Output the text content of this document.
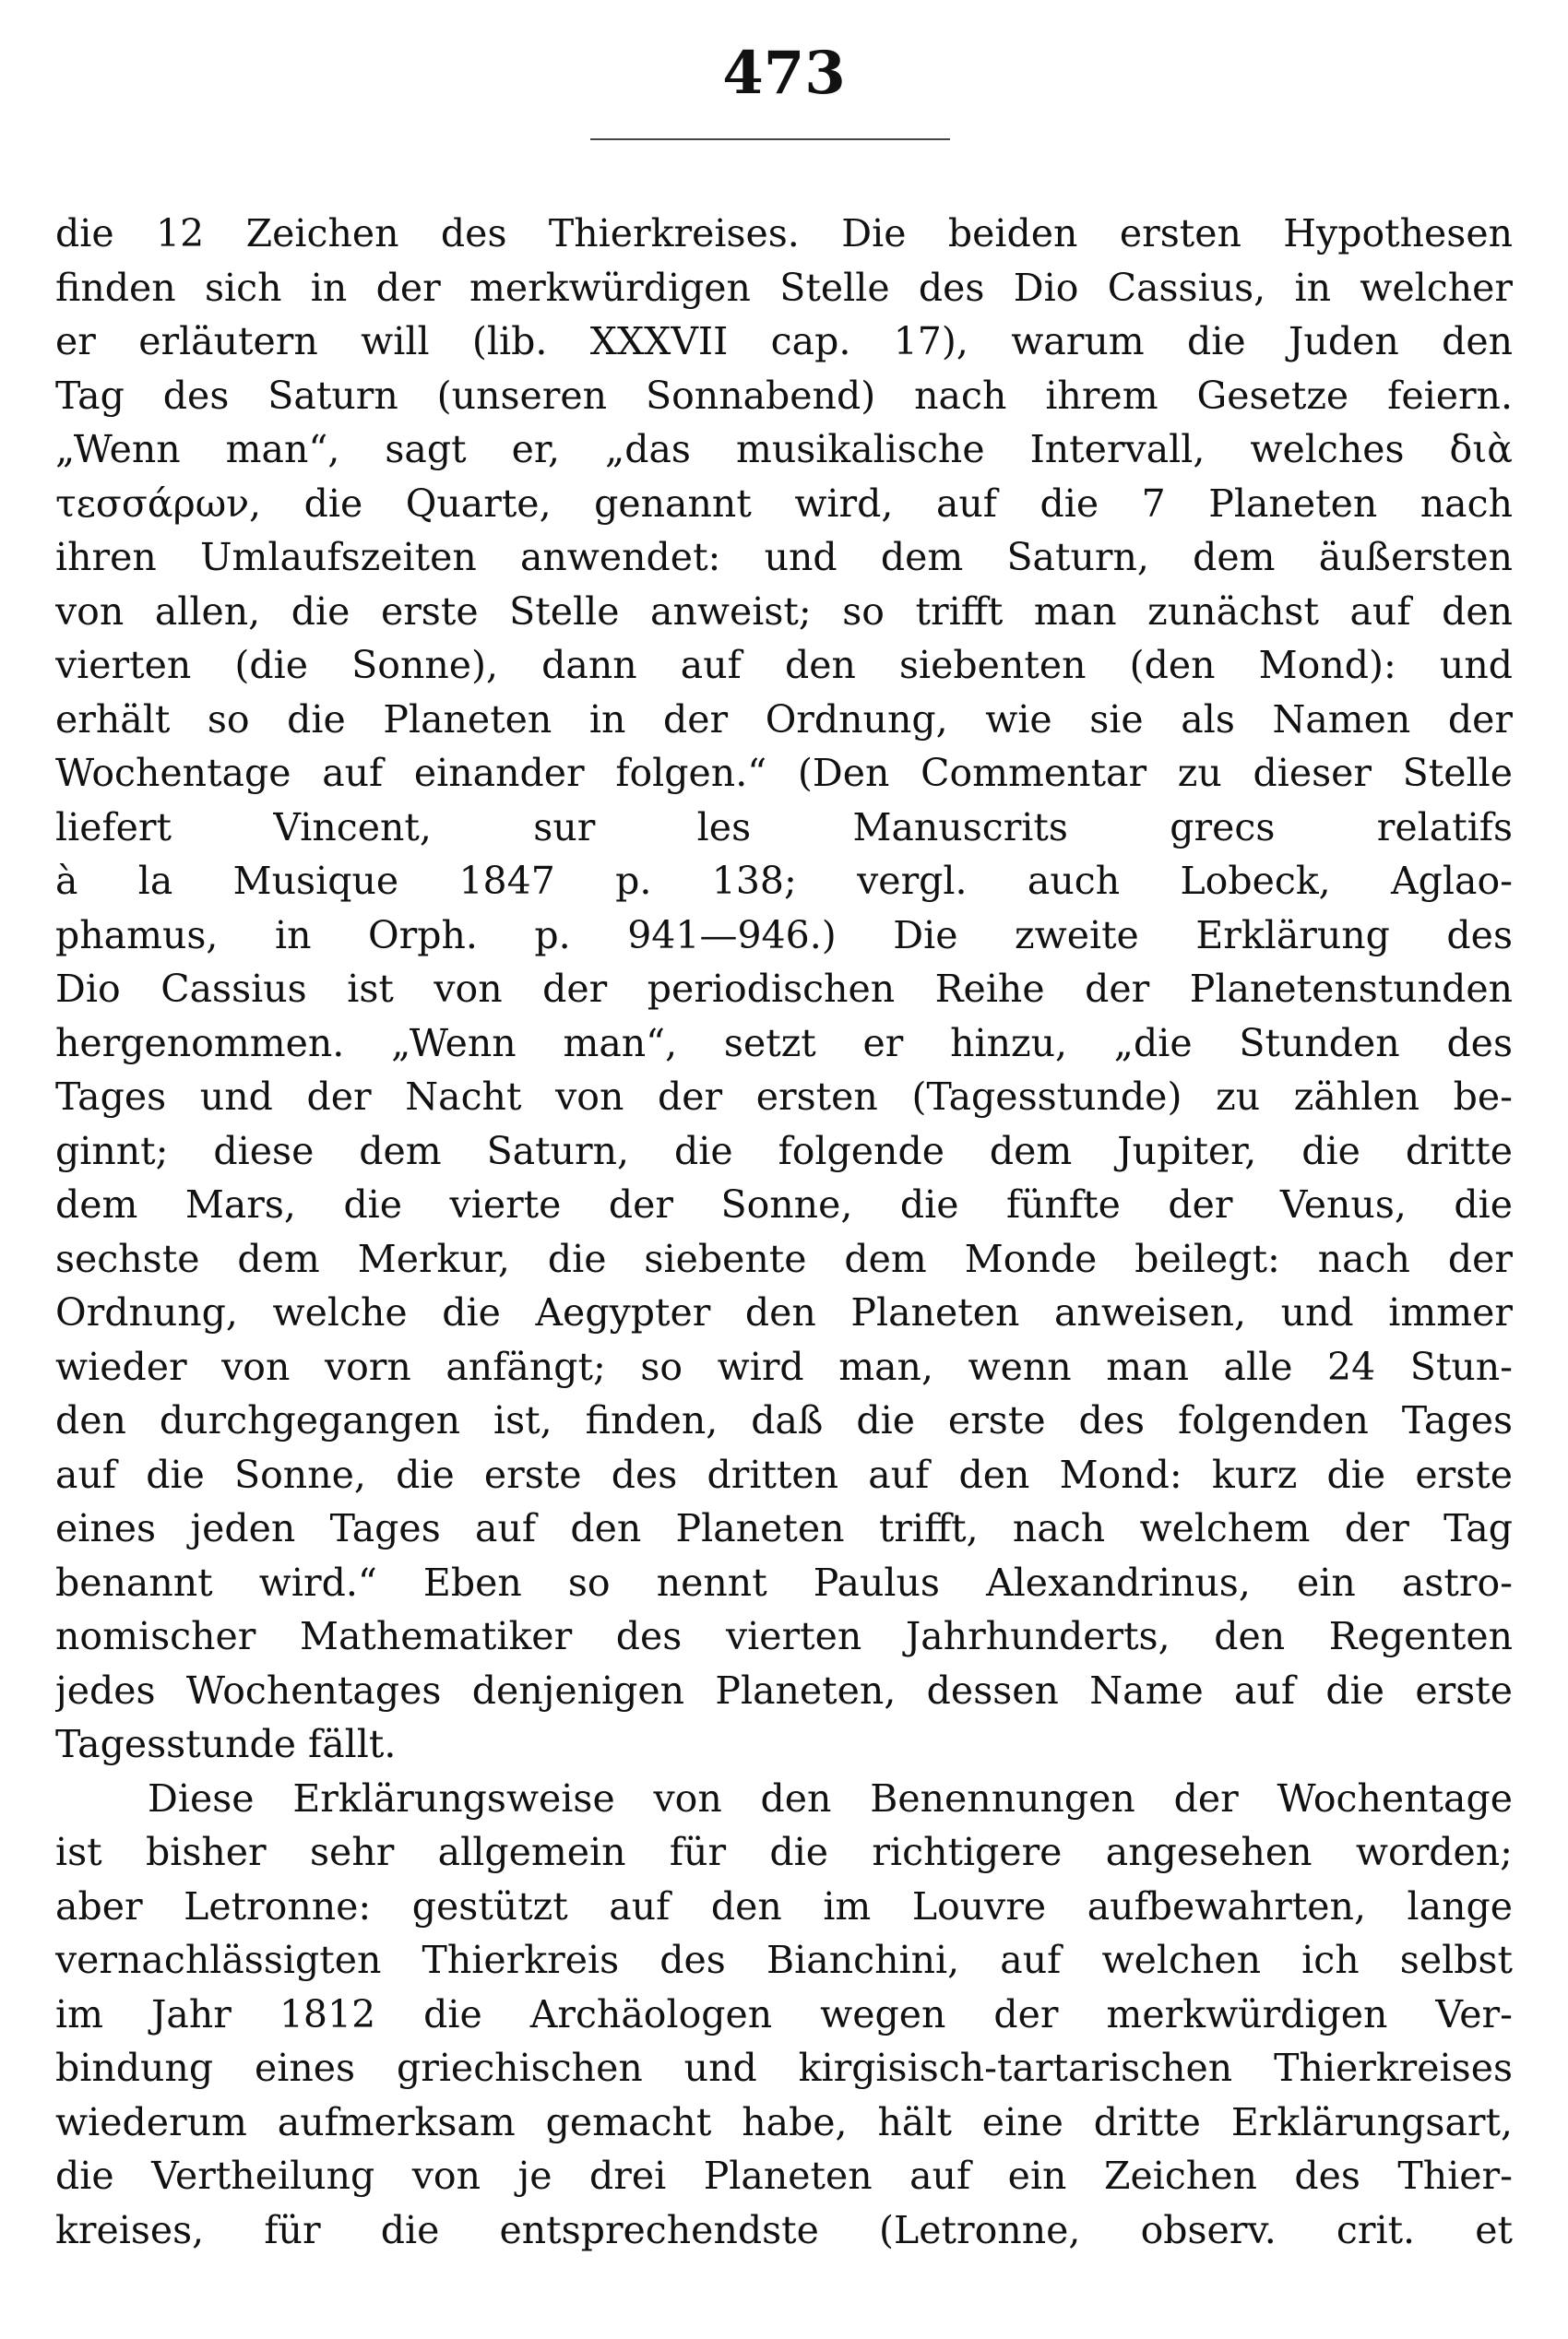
473
die 12 Zeichen des Thierkreises. Die beiden ersten Hypothesen
finden sich in der merkwürdigen Stelle des Dio Cassius, in welcher
er erläutern will (lib. XXXVII cap. 17), warum die Juden den
Tag des Saturn (unseren Sonnabend) nach ihrem Gesetze feiern.
„Wenn man“, sagt er, „das musikalische Intervall, welches διὰ
τεσσάρων, die Quarte, genannt wird, auf die 7 Planeten nach
ihren Umlaufszeiten anwendet: und dem Saturn, dem äußersten
von allen, die erste Stelle anweist; so trifft man zunächst auf den
vierten (die Sonne), dann auf den siebenten (den Mond): und
erhält so die Planeten in der Ordnung, wie sie als Namen der
Wochentage auf einander folgen.“ (Den Commentar zu dieser Stelle
liefert Vincent, sur les Manuscrits grecs relatifs
à la Musique 1847 p. 138; vergl. auch Lobeck, Aglao-
phamus, in Orph. p. 941—946.) Die zweite Erklärung des
Dio Cassius ist von der periodischen Reihe der Planetenstunden
hergenommen. „Wenn man“, setzt er hinzu, „die Stunden des
Tages und der Nacht von der ersten (Tagesstunde) zu zählen be-
ginnt; diese dem Saturn, die folgende dem Jupiter, die dritte
dem Mars, die vierte der Sonne, die fünfte der Venus, die
sechste dem Merkur, die siebente dem Monde beilegt: nach der
Ordnung, welche die Aegypter den Planeten anweisen, und immer
wieder von vorn anfängt; so wird man, wenn man alle 24 Stun-
den durchgegangen ist, finden, daß die erste des folgenden Tages
auf die Sonne, die erste des dritten auf den Mond: kurz die erste
eines jeden Tages auf den Planeten trifft, nach welchem der Tag
benannt wird.“ Eben so nennt Paulus Alexandrinus, ein astro-
nomischer Mathematiker des vierten Jahrhunderts, den Regenten
jedes Wochentages denjenigen Planeten, dessen Name auf die erste
Tagesstunde fällt.
Diese Erklärungsweise von den Benennungen der Wochentage
ist bisher sehr allgemein für die richtigere angesehen worden;
aber Letronne: gestützt auf den im Louvre aufbewahrten, lange
vernachlässigten Thierkreis des Bianchini, auf welchen ich selbst
im Jahr 1812 die Archäologen wegen der merkwürdigen Ver-
bindung eines griechischen und kirgisisch-tartarischen Thierkreises
wiederum aufmerksam gemacht habe, hält eine dritte Erklärungsart,
die Vertheilung von je drei Planeten auf ein Zeichen des Thier-
kreises, für die entsprechendste (Letronne, observ. crit. et
